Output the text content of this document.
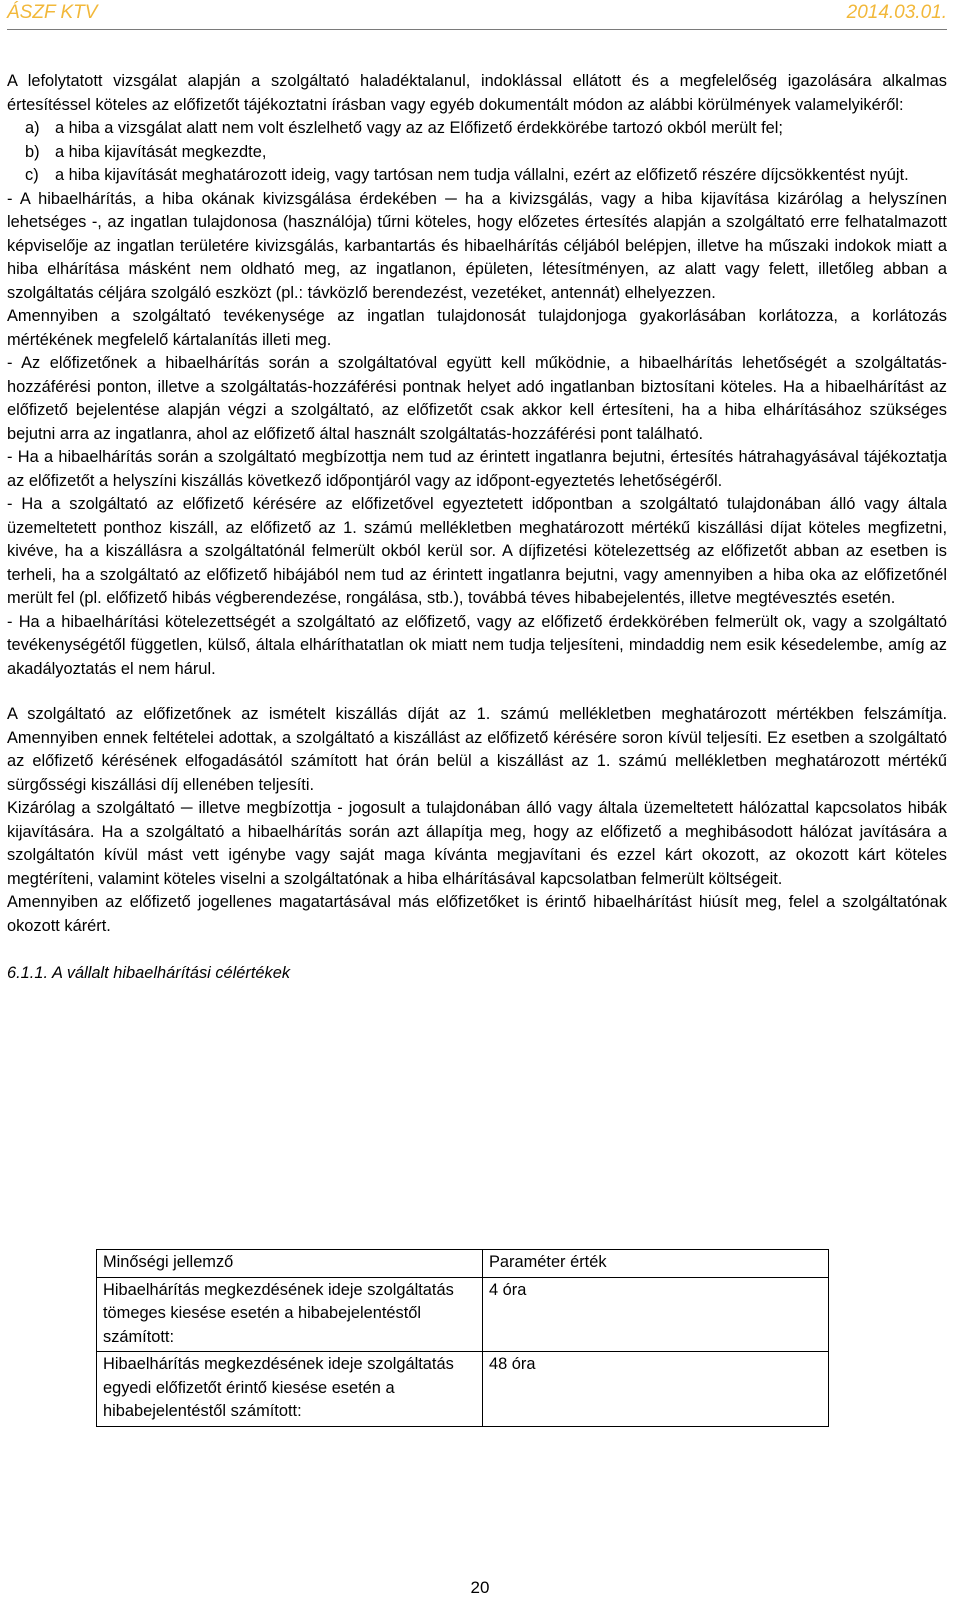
ÁSZF KTV	2014.03.01.

A lefolytatott vizsgálat alapján a szolgáltató haladéktalanul, indoklással ellátott és a megfelelőség igazolására alkalmas értesítéssel köteles az előfizetőt tájékoztatni írásban vagy egyéb dokumentált módon az alábbi körülmények valamelyikéről:

a) a hiba a vizsgálat alatt nem volt észlelhető vagy az az Előfizető érdekkörébe tartozó okból merült fel;
b) a hiba kijavítását megkezdte,
c) a hiba kijavítását meghatározott ideig, vagy tartósan nem tudja vállalni, ezért az előfizető részére díjcsökkentést nyújt.

- A hibaelhárítás, a hiba okának kivizsgálása érdekében ─ ha a kivizsgálás, vagy a hiba kijavítása kizárólag a helyszínen lehetséges -, az ingatlan tulajdonosa (használója) tűrni köteles, hogy előzetes értesítés alapján a szolgáltató erre felhatalmazott képviselője az ingatlan területére kivizsgálás, karbantartás és hibaelhárítás céljából belépjen, illetve ha műszaki indokok miatt a hiba elhárítása másként nem oldható meg, az ingatlanon, épületen, létesítményen, az alatt vagy felett, illetőleg abban a szolgáltatás céljára szolgáló eszközt (pl.: távközlő berendezést, vezetéket, antennát) elhelyezzen.

Amennyiben a szolgáltató tevékenysége az ingatlan tulajdonosát tulajdonjoga gyakorlásában korlátozza, a korlátozás mértékének megfelelő kártalanítás illeti meg.

- Az előfizetőnek a hibaelhárítás során a szolgáltatóval együtt kell működnie, a hibaelhárítás lehetőségét a szolgáltatás-hozzáférési ponton, illetve a szolgáltatás-hozzáférési pontnak helyet adó ingatlanban biztosítani köteles. Ha a hibaelhárítást az előfizető bejelentése alapján végzi a szolgáltató, az előfizetőt csak akkor kell értesíteni, ha a hiba elhárításához szükséges bejutni arra az ingatlanra, ahol az előfizető által használt szolgáltatás-hozzáférési pont található.

- Ha a hibaelhárítás során a szolgáltató megbízottja nem tud az érintett ingatlanra bejutni, értesítés hátrahagyásával tájékoztatja az előfizetőt a helyszíni kiszállás következő időpontjáról vagy az időpont-egyeztetés lehetőségéről.

- Ha a szolgáltató az előfizető kérésére az előfizetővel egyeztetett időpontban a szolgáltató tulajdonában álló vagy általa üzemeltetett ponthoz kiszáll, az előfizető az 1. számú mellékletben meghatározott mértékű kiszállási díjat köteles megfizetni, kivéve, ha a kiszállásra a szolgáltatónál felmerült okból kerül sor. A díjfizetési kötelezettség az előfizetőt abban az esetben is terheli, ha a szolgáltató az előfizető hibájából nem tud az érintett ingatlanra bejutni, vagy amennyiben a hiba oka az előfizetőnél merült fel (pl. előfizető hibás végberendezése, rongálása, stb.), továbbá téves hibabejelentés, illetve megtévesztés esetén.

- Ha a hibaelhárítási kötelezettségét a szolgáltató az előfizető, vagy az előfizető érdekkörében felmerült ok, vagy a szolgáltató tevékenységétől független, külső, általa elháríthatatlan ok miatt nem tudja teljesíteni, mindaddig nem esik késedelembe, amíg az akadályoztatás el nem hárul.

A szolgáltató az előfizetőnek az ismételt kiszállás díját az 1. számú mellékletben meghatározott mértékben felszámítja. Amennyiben ennek feltételei adottak, a szolgáltató a kiszállást az előfizető kérésére soron kívül teljesíti. Ez esetben a szolgáltató az előfizető kérésének elfogadásától számított hat órán belül a kiszállást az 1. számú mellékletben meghatározott mértékű sürgősségi kiszállási díj ellenében teljesíti.

Kizárólag a szolgáltató ─ illetve megbízottja - jogosult a tulajdonában álló vagy általa üzemeltetett hálózattal kapcsolatos hibák kijavítására. Ha a szolgáltató a hibaelhárítás során azt állapítja meg, hogy az előfizető a meghibásodott hálózat javítására a szolgáltatón kívül mást vett igénybe vagy saját maga kívánta megjavítani és ezzel kárt okozott, az okozott kárt köteles megtéríteni, valamint köteles viselni a szolgáltatónak a hiba elhárításával kapcsolatban felmerült költségeit.

Amennyiben az előfizető jogellenes magatartásával más előfizetőket is érintő hibaelhárítást hiúsít meg, felel a szolgáltatónak okozott kárért.

6.1.1. A vállalt hibaelhárítási célértékek

Minőségi jellemző	Paraméter érték
Hibaelhárítás megkezdésének ideje szolgáltatás tömeges kiesése esetén a hibabejelentéstől számított:	4 óra
Hibaelhárítás megkezdésének ideje szolgáltatás egyedi előfizetőt érintő kiesése esetén a hibabejelentéstől számított:	48 óra
20
